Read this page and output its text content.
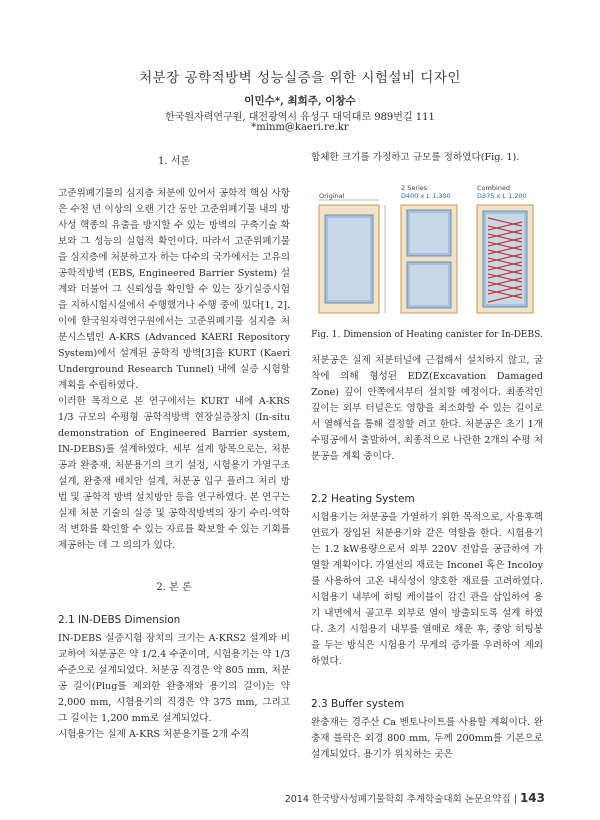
처분장 공학적방벽 성능실증을 위한 시험설비 디자인
이민수*, 최희주, 이창수
한국원자력연구원, 대전광역시 유성구 대덕대로 989번길 111
*minm@kaeri.re.kr
1. 서론

고준위폐기물의 심지층 처분에 있어서 공학적 핵심 사항은 수천 년 이상의 오랜 기간 동안 고준위폐기물 내의 방사성 핵종의 유출을 방지할 수 있는 방벽의 구축기술 확보와 그 성능의 실험적 확인이다. 따라서 고준위폐기물을 심지층에 처분하고자 하는 다수의 국가에서는 고유의 공학적방벽 (EBS, Engineered Barrier System) 설계와 더불어 그 신뢰성을 확인할 수 있는 장기실증시험을 지하시험시설에서 수행했거나 수행 중에 있다[1, 2]. 이에 한국원자력연구원에서는 고준위폐기물 심지층 처분시스템인 A-KRS (Advanced KAERI Repository System)에서 설계된 공학적 방벽[3]을 KURT (Kaeri Underground Research Tunnel) 내에 실증 시험할 계획을 수립하였다.

이러한 목적으로 본 연구에서는 KURT 내에 A-KRS 1/3 규모의 수평형 공학적방벽 현장실증장치 (In-situ demonstration of Engineered Barrier system, IN-DEBS)를 설계하였다. 세부 설계 항목으로는, 처분공과 완충재, 처분용기의 크기 설정, 시험용기 가열구조 설계, 완충재 배치안 설계, 처분공 입구 플러그 처리 방법 및 공학적 방벽 설치방안 등을 연구하였다. 본 연구는 실제 처분 기술의 실증 및 공학적방벽의 장기 수리-역학적 변화를 확인할 수 있는 자료를 확보할 수 있는 기회를 제공하는 데 그 의의가 있다.

2. 본 론
2.1 IN-DEBS Dimension

IN-DEBS 실증시험 장치의 크기는 A-KRS2 설계와 비교하여 처분공은 약 1/2.4 수준이며, 시험용기는 약 1/3 수준으로 설계되었다. 처분공 직경은 약 805 mm, 처분공 길이(Plug를 제외한 완충재와 용기의 길이)는 약 2,000 mm, 시험용기의 직경은 약 375 mm, 그리고 그 길이는 1,200 mm로 설계되었다.

시험용기는 실제 A-KRS 처분용기를 2개 수직

합체한 크기를 가정하고 규모를 정하였다(Fig. 1).

Original
2 Series
D400 x L 1,300
Combined
D375 x L 1,200
Fig. 1. Dimension of Heating canister for In-DEBS.

처분공은 실제 처분터널에 근접해서 설치하지 않고, 굴착에 의해 형성된 EDZ(Excavation Damaged Zone) 깊이 안쪽에서부터 설치할 예정이다. 최종적인 깊이는 외부 터널은도 영향을 최소화할 수 있는 길이로서 열해석을 통해 결정할 려고 한다. 처분공은 초기 1개 수평공에서 출발하여, 최종적으로 나란한 2개의 수평 처분공을 계획 중이다.

2.2 Heating System

시험용기는 처분공을 가열하기 위한 목적으로, 사용후핵연료가 장입된 처분용기와 같은 역할을 한다. 시험용기는 1.2 kW용량으로서 외부 220V 전압을 공급하여 가열할 계획이다. 가열선의 재료는 Inconel 혹은 Incoloy를 사용하여 고온 내식성이 양호한 재료를 고려하였다. 시험용기 내부에 히팅 케이블이 감긴 관을 삽입하여 용기 내면에서 골고루 외부로 열이 방출되도록 설계 하였다. 초기 시험용기 내부를 열매로 채운 후, 중앙 히팅봉을 두는 방식은 시험용기 무게의 증가를 우려하여 제외하였다.

2.3 Buffer system

완충재는 경주산 Ca 벤토나이트를 사용할 계획이다. 완충재 블락은 외경 800 mm, 두께 200mm를 기본으로 설계되었다. 용기가 위치하는 곳은

2014 한국방사성폐기물학회 추계학술대회 논문요약집 | 143
